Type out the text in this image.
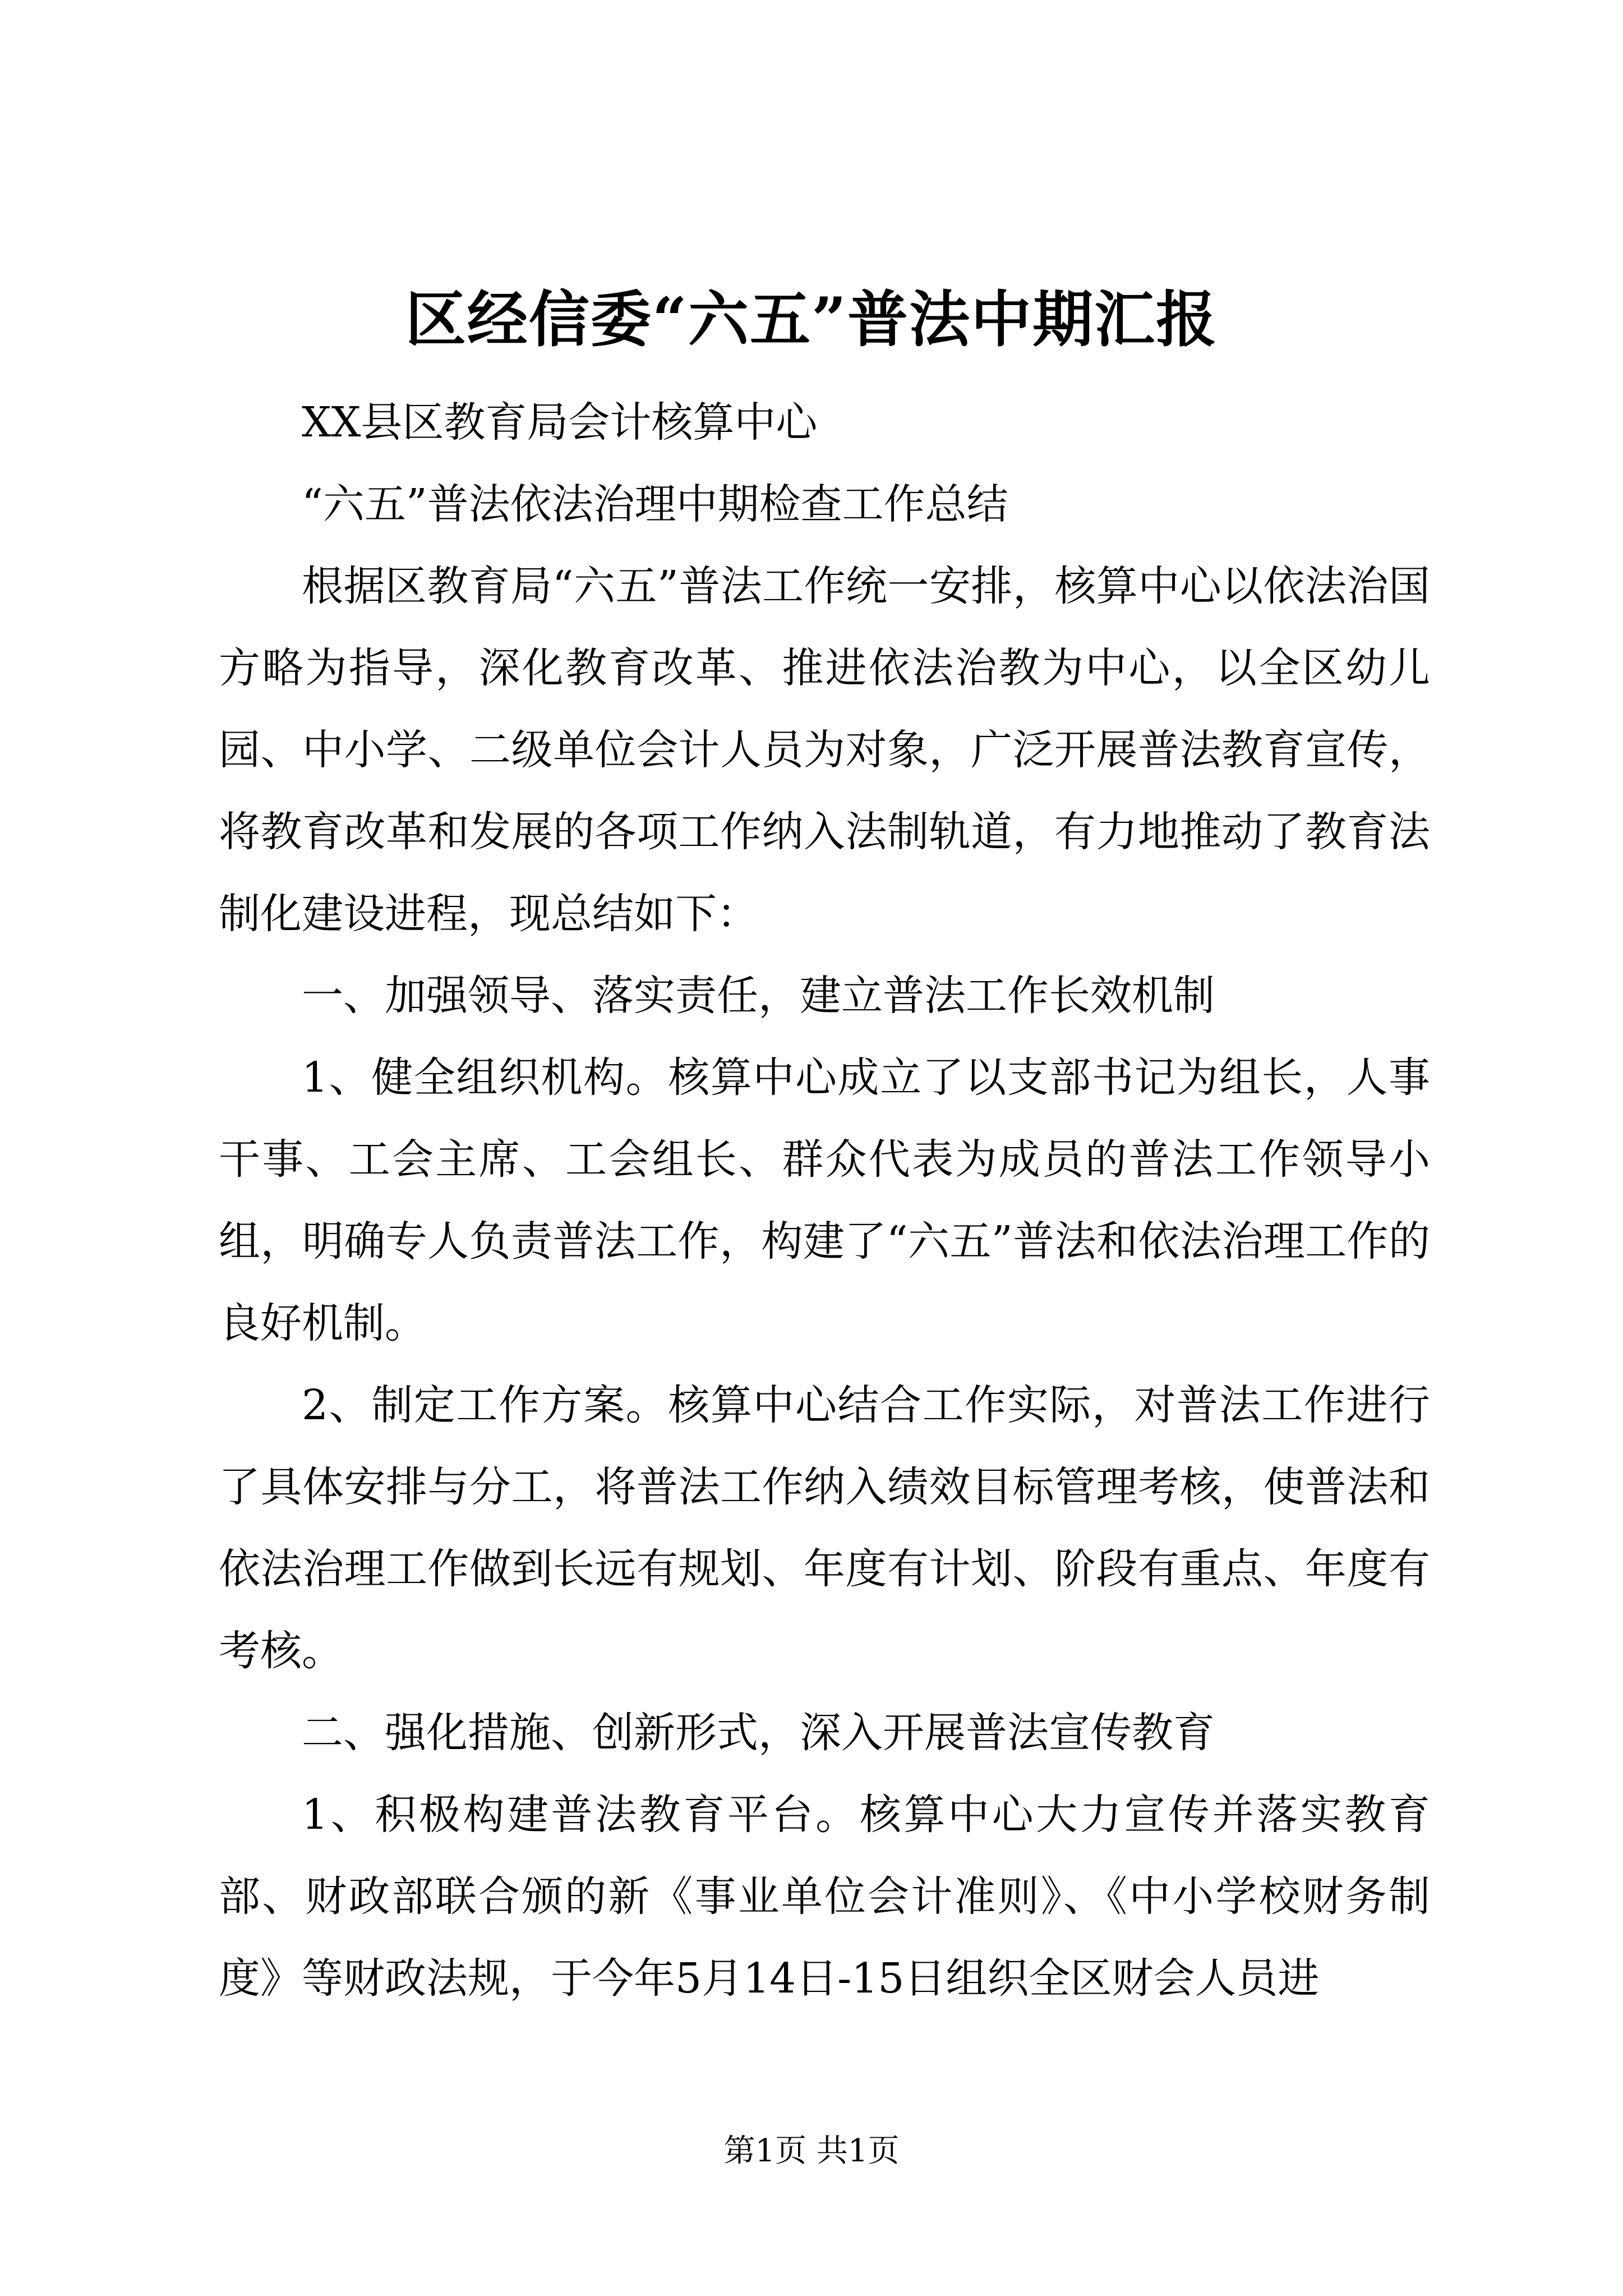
区经信委“六五”普法中期汇报

XX县区教育局会计核算中心

“六五”普法依法治理中期检查工作总结

根据区教育局“六五”普法工作统一安排，核算中心以依法治国方略为指导，深化教育改革、推进依法治教为中心，以全区幼儿园、中小学、二级单位会计人员为对象，广泛开展普法教育宣传，将教育改革和发展的各项工作纳入法制轨道，有力地推动了教育法制化建设进程，现总结如下：

一、加强领导、落实责任，建立普法工作长效机制

1、健全组织机构。核算中心成立了以支部书记为组长，人事干事、工会主席、工会组长、群众代表为成员的普法工作领导小组，明确专人负责普法工作，构建了“六五”普法和依法治理工作的良好机制。

2、制定工作方案。核算中心结合工作实际，对普法工作进行了具体安排与分工，将普法工作纳入绩效目标管理考核，使普法和依法治理工作做到长远有规划、年度有计划、阶段有重点、年度有考核。

二、强化措施、创新形式，深入开展普法宣传教育

1、积极构建普法教育平台。核算中心大力宣传并落实教育部、财政部联合颁的新《事业单位会计准则》、《中小学校财务制度》等财政法规，于今年5月14日-15日组织全区财会人员进

第1页 共1页
